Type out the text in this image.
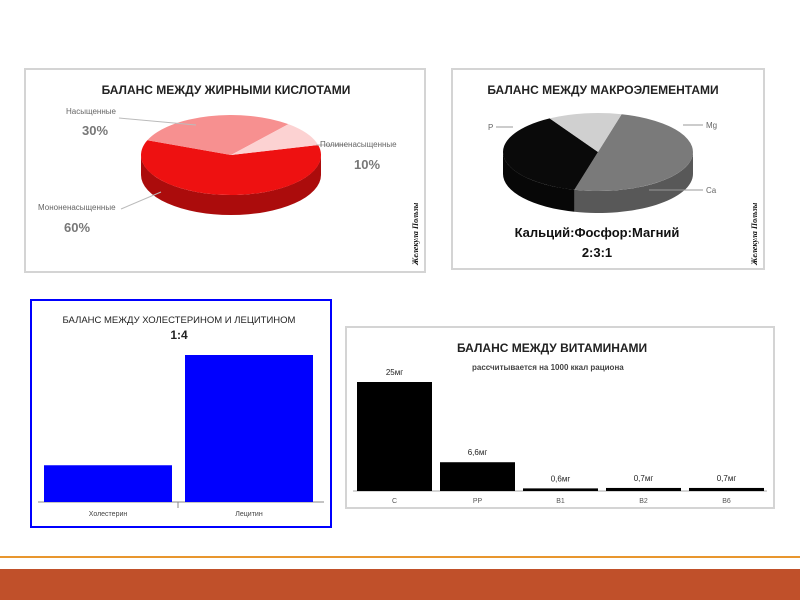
БАЛАНС МЕЖДУ ЖИРНЫМИ КИСЛОТАМИ
Насыщенные
30%
Полиненасыщенные
10%
Мононенасыщенные
60%	Желекула Пользы
БАЛАНС МЕЖДУ МАКРОЭЛЕМЕНТАМИ
P	Mg
Ca
Кальций:Фосфор:Магний
2:3:1	Желекула Пользы
БАЛАНС МЕЖДУ ХОЛЕСТЕРИНОМ И ЛЕЦИТИНОМ
1:4
Холестерин	Лецитин
БАЛАНС МЕЖДУ ВИТАМИНАМИ
рассчитывается на 1000 ккал рациона
25мг
C
6,6мг
PP
0,6мг
B1
0,7мг
B2
0,7мг
B6
